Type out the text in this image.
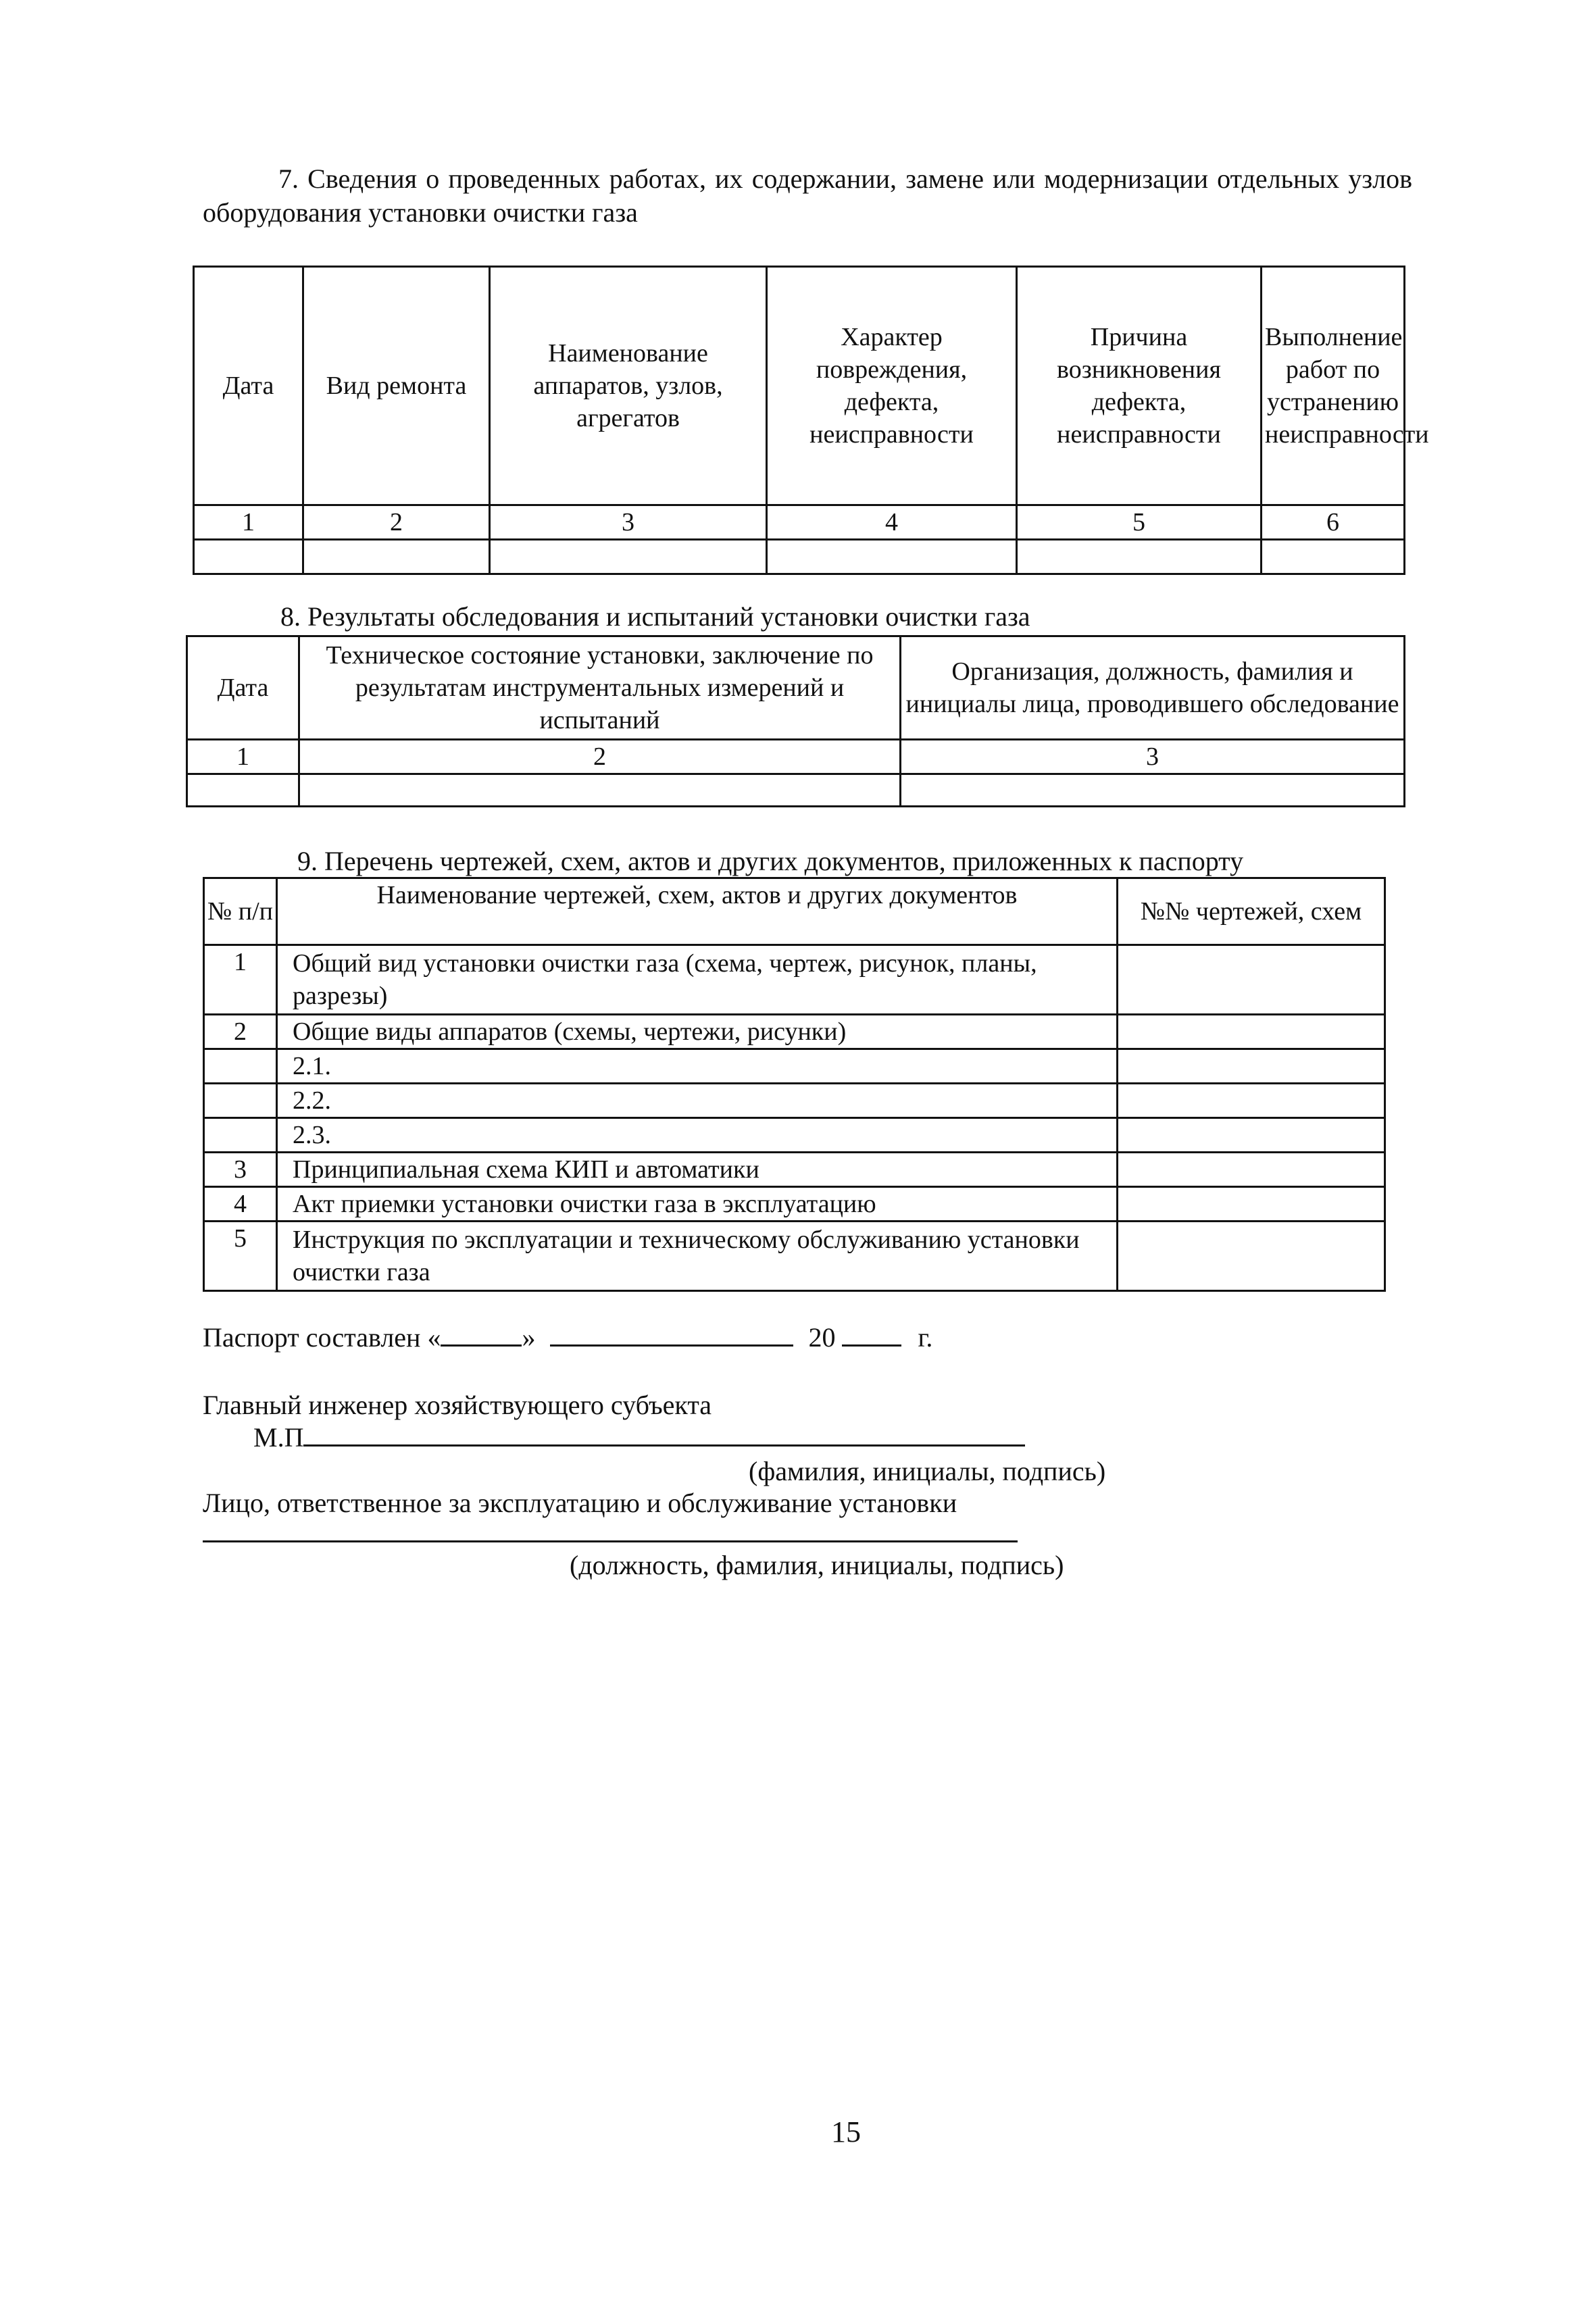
7. Сведения о проведенных работах, их содержании, замене или модернизации отдельных узлов оборудования установки очистки газа

Дата	Вид ремонта	Наименование аппаратов, узлов, агрегатов	Характер повреждения, дефекта, неисправности	Причина возникновения дефекта, неисправности	Выполнение работ по устранению неисправности
1	2	3	4	5	6

8. Результаты обследования и испытаний установки очистки газа
Дата	Техническое состояние установки, заключение по результатам инструментальных измерений и испытаний	Организация, должность, фамилия и инициалы лица, проводившего обследование
1	2	3

9. Перечень чертежей, схем, актов и других документов, приложенных к паспорту
№ п/п	Наименование чертежей, схем, актов и других документов	№№ чертежей, схем
1	Общий вид установки очистки газа (схема, чертеж, рисунок, планы, разрезы)	
2	Общие виды аппаратов (схемы, чертежи, рисунки)	
	2.1.	
	2.2.	
	2.3.	
3	Принципиальная схема КИП и автоматики	
4	Акт приемки установки очистки газа в эксплуатацию	
5	Инструкция по эксплуатации и техническому обслуживанию установки очистки газа	
Паспорт составлен «	»	20	г.
Главный инженер хозяйствующего субъекта
М.П
(фамилия, инициалы, подпись)
Лицо, ответственное за эксплуатацию и обслуживание установки
(должность, фамилия, инициалы, подпись)
15
